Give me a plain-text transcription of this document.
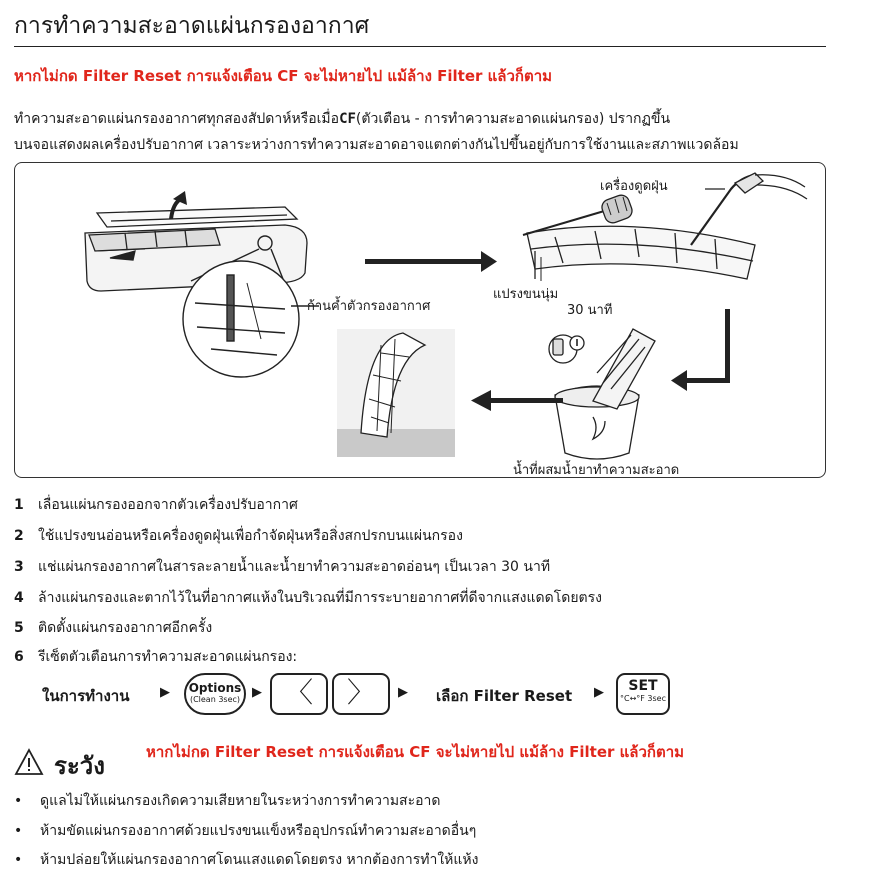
การทำความสะอาดแผ่นกรองอากาศ
หากไม่กด Filter Reset การแจ้งเตือน CF จะไม่หายไป แม้ล้าง Filter แล้วก็ตาม
ทำความสะอาดแผ่นกรองอากาศทุกสองสัปดาห์หรือเมื่อCF(ตัวเตือน - การทำความสะอาดแผ่นกรอง) ปรากฏขึ้น
บนจอแสดงผลเครื่องปรับอากาศ เวลาระหว่างการทำความสะอาดอาจแตกต่างกันไปขึ้นอยู่กับการใช้งานและสภาพแวดล้อม
ก้านค้ำตัวกรองอากาศ
เครื่องดูดฝุ่น
แปรงขนนุ่ม
30 นาที
น้ำที่ผสมน้ำยาทำความสะอาด
1 เลื่อนแผ่นกรองออกจากตัวเครื่องปรับอากาศ
2 ใช้แปรงขนอ่อนหรือเครื่องดูดฝุ่นเพื่อกำจัดฝุ่นหรือสิ่งสกปรกบนแผ่นกรอง
3 แช่แผ่นกรองอากาศในสารละลายน้ำและน้ำยาทำความสะอาดอ่อนๆ เป็นเวลา 30 นาที
4 ล้างแผ่นกรองและตากไว้ในที่อากาศแห้งในบริเวณที่มีการระบายอากาศที่ดีจากแสงแดดโดยตรง
5 ติดตั้งแผ่นกรองอากาศอีกครั้ง
6 รีเซ็ตตัวเตือนการทำความสะอาดแผ่นกรอง:
ในการทำงาน ▶ Options
(Clean 3sec) ▶ 〈	〉	▶ เลือก Filter Reset ▶	SET
°C↔°F 3sec
ระวัง	หากไม่กด Filter Reset การแจ้งเตือน CF จะไม่หายไป แม้ล้าง Filter แล้วก็ตาม
• ดูแลไม่ให้แผ่นกรองเกิดความเสียหายในระหว่างการทำความสะอาด
• ห้ามขัดแผ่นกรองอากาศด้วยแปรงขนแข็งหรืออุปกรณ์ทำความสะอาดอื่นๆ
• ห้ามปล่อยให้แผ่นกรองอากาศโดนแสงแดดโดยตรง หากต้องการทำให้แห้ง
